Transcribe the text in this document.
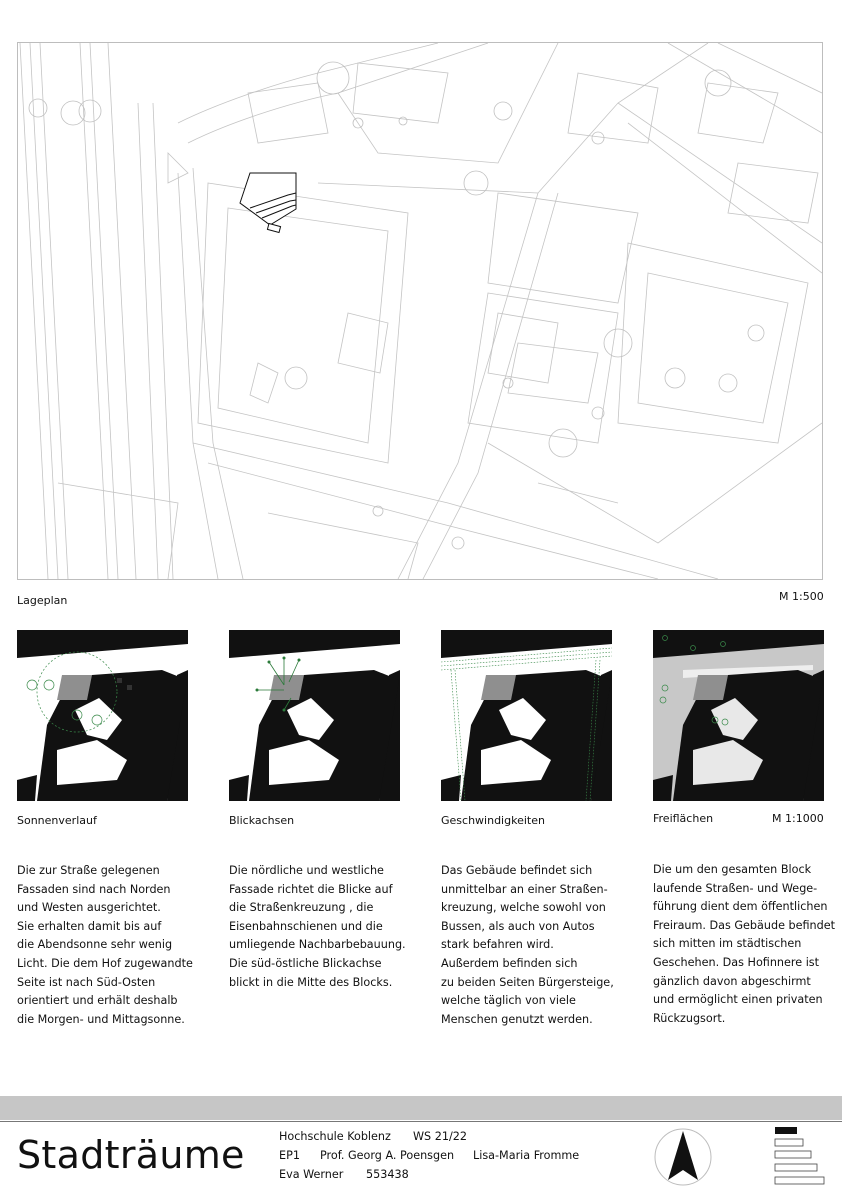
Lageplan	M 1:500
Sonnenverlauf	Blickachsen	Geschwindigkeiten	Freiflächen	M 1:1000
Die zur Straße gelegenen
Fassaden sind nach Norden
und Westen ausgerichtet.
Sie erhalten damit bis auf
die Abendsonne sehr wenig
Licht. Die dem Hof zugewandte
Seite ist nach Süd-Osten
orientiert und erhält deshalb
die Morgen- und Mittagsonne.
Die nördliche und westliche
Fassade richtet die Blicke auf
die Straßenkreuzung , die
Eisenbahnschienen und die
umliegende Nachbarbebauung.
Die süd-östliche Blickachse
blickt in die Mitte des Blocks.
Das Gebäude befindet sich
unmittelbar an einer Straßen-
kreuzung, welche sowohl von
Bussen, als auch von Autos
stark befahren wird.
Außerdem befinden sich
zu beiden Seiten Bürgersteige,
welche täglich von viele
Menschen genutzt werden.
Die um den gesamten Block
laufende Straßen- und Wege-
führung dient dem öffentlichen
Freiraum. Das Gebäude befindet
sich mitten im städtischen
Geschehen. Das Hofinnere ist
gänzlich davon abgeschirmt
und ermöglicht einen privaten
Rückzugsort.
Stadträume	Hochschule Koblenz WS 21/22
EP1 Prof. Georg A. Poensgen Lisa-Maria Fromme
Eva Werner 553438
